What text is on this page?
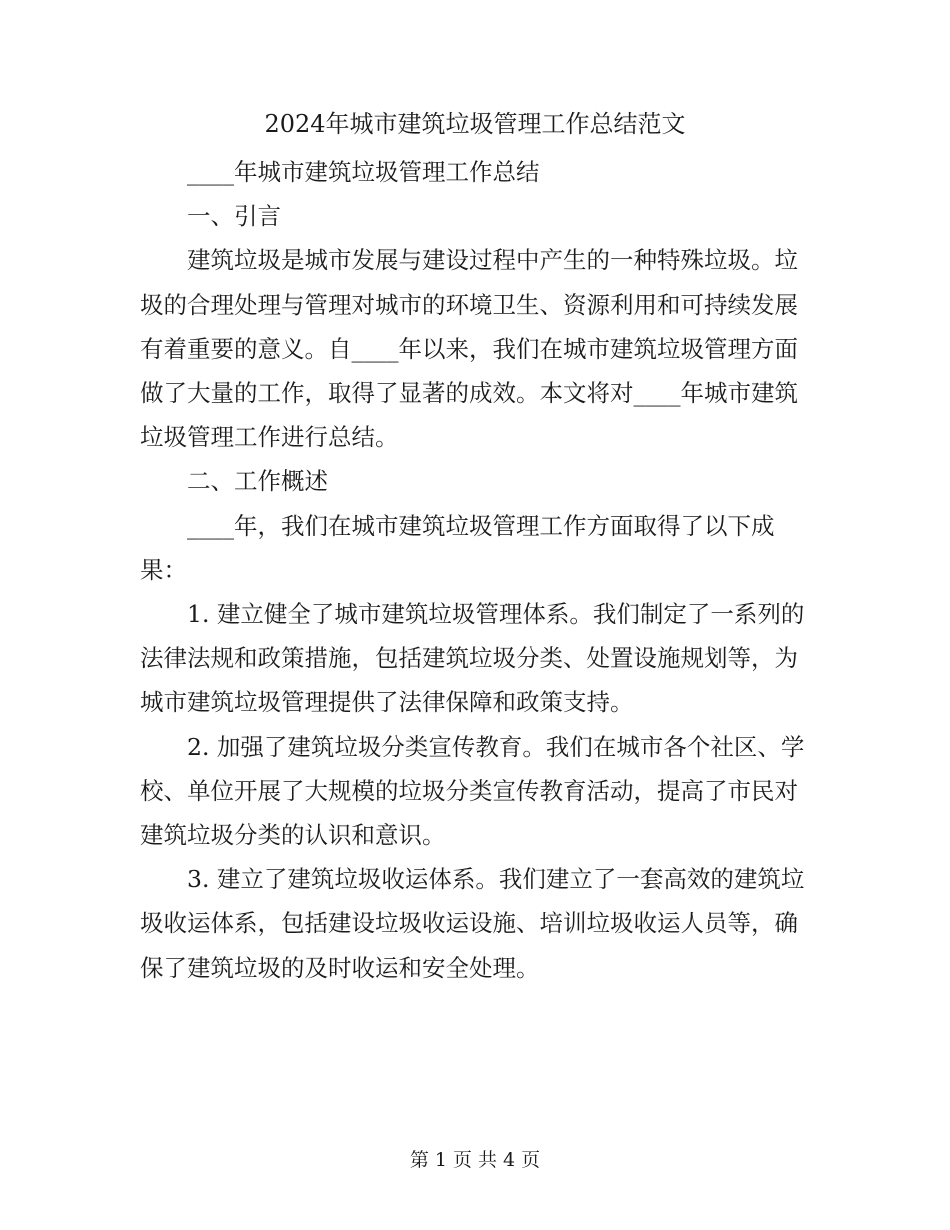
2024年城市建筑垃圾管理工作总结范文

____年城市建筑垃圾管理工作总结

一、引言

建筑垃圾是城市发展与建设过程中产生的一种特殊垃圾。垃圾的合理处理与管理对城市的环境卫生、资源利用和可持续发展有着重要的意义。自____年以来，我们在城市建筑垃圾管理方面做了大量的工作，取得了显著的成效。本文将对____年城市建筑垃圾管理工作进行总结。

二、工作概述

____年，我们在城市建筑垃圾管理工作方面取得了以下成果：

1. 建立健全了城市建筑垃圾管理体系。我们制定了一系列的法律法规和政策措施，包括建筑垃圾分类、处置设施规划等，为城市建筑垃圾管理提供了法律保障和政策支持。

2. 加强了建筑垃圾分类宣传教育。我们在城市各个社区、学校、单位开展了大规模的垃圾分类宣传教育活动，提高了市民对建筑垃圾分类的认识和意识。

3. 建立了建筑垃圾收运体系。我们建立了一套高效的建筑垃圾收运体系，包括建设垃圾收运设施、培训垃圾收运人员等，确保了建筑垃圾的及时收运和安全处理。

第 1 页 共 4 页
